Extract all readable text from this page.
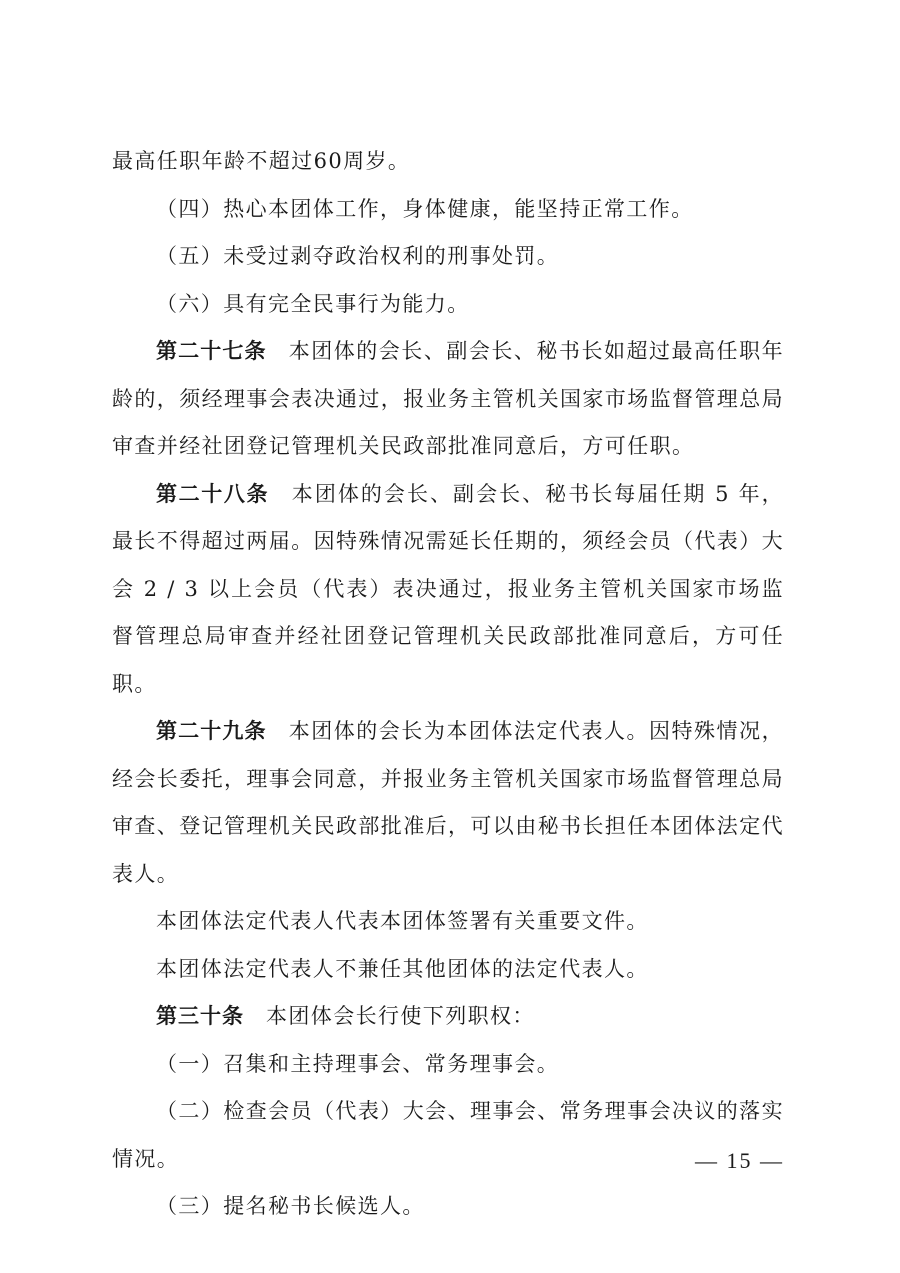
最高任职年龄不超过60周岁。

（四）热心本团体工作，身体健康，能坚持正常工作。

（五）未受过剥夺政治权利的刑事处罚。

（六）具有完全民事行为能力。

第二十七条 本团体的会长、副会长、秘书长如超过最高任职年龄的，须经理事会表决通过，报业务主管机关国家市场监督管理总局审查并经社团登记管理机关民政部批准同意后，方可任职。

第二十八条 本团体的会长、副会长、秘书长每届任期 5 年，最长不得超过两届。因特殊情况需延长任期的，须经会员（代表）大会 2 / 3 以上会员（代表）表决通过，报业务主管机关国家市场监督管理总局审查并经社团登记管理机关民政部批准同意后，方可任职。

第二十九条 本团体的会长为本团体法定代表人。因特殊情况，经会长委托，理事会同意，并报业务主管机关国家市场监督管理总局审查、登记管理机关民政部批准后，可以由秘书长担任本团体法定代表人。

本团体法定代表人代表本团体签署有关重要文件。

本团体法定代表人不兼任其他团体的法定代表人。

第三十条 本团体会长行使下列职权：

（一）召集和主持理事会、常务理事会。

（二）检查会员（代表）大会、理事会、常务理事会决议的落实情况。

（三）提名秘书长候选人。

— 15 —
